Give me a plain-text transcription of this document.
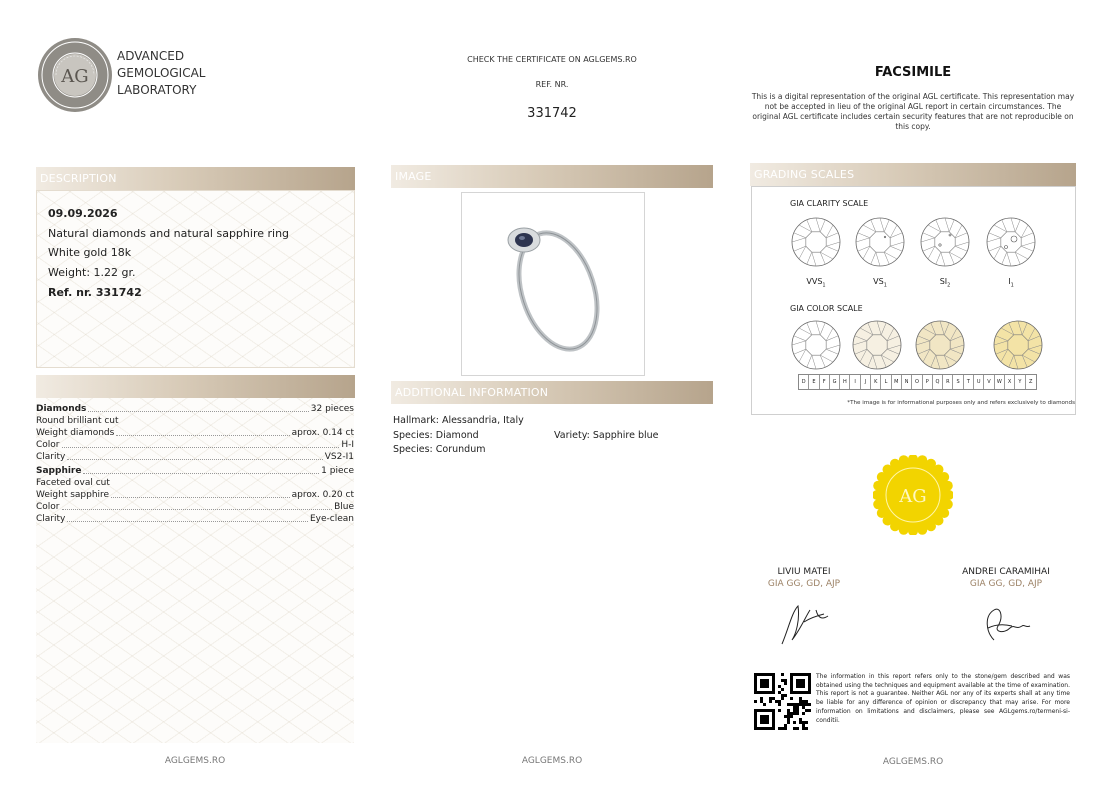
AG
ADVANCED
GEMOLOGICAL
LABORATORY
CHECK THE CERTIFICATE ON AGLGEMS.RO
REF. NR.
331742
FACSIMILE
This is a digital representation of the original AGL certificate. This representation may not be accepted in lieu of the original AGL report in certain circumstances. The original AGL certificate includes certain security features that are not reproducible on this copy.
DESCRIPTION
09.09.2026
Natural diamonds and natural sapphire ring
White gold 18k
Weight: 1.22 gr.
Ref. nr. 331742
Diamonds	32 pieces
Round brilliant cut
Weight diamonds	aprox. 0.14 ct
Color	H-I
Clarity	VS2-I1
Sapphire	1 piece
Faceted oval cut
Weight sapphire	aprox. 0.20 ct
Color	Blue
Clarity	Eye-clean
IMAGE
ADDITIONAL INFORMATION
Hallmark: Alessandria, Italy
Species: Diamond	Variety: Sapphire blue
Species: Corundum
GRADING SCALES
GIA CLARITY SCALE
GIA COLOR SCALE
D	E	F	G	H	I	J	K	L	M	N	O	P	Q	R	S	T	U	V	W	X	Y	Z
*The image is for informational purposes only and refers exclusively to diamonds
$VVS_1$	$VS_1$	$SI_2$	$I_1$
AG
LIVIU MATEI
GIA GG, GD, AJP
ANDREI CARAMIHAI
GIA GG, GD, AJP
The information in this report refers only to the stone/gem described and was obtained using the techniques and equipment available at the time of examination. This report is not a guarantee. Neither AGL nor any of its experts shall at any time be liable for any difference of opinion or discrepancy that may arise. For more information on limitations and disclaimers, please see AGLgems.ro/termeni-si-conditii.
AGLGEMS.RO	AGLGEMS.RO	AGLGEMS.RO
